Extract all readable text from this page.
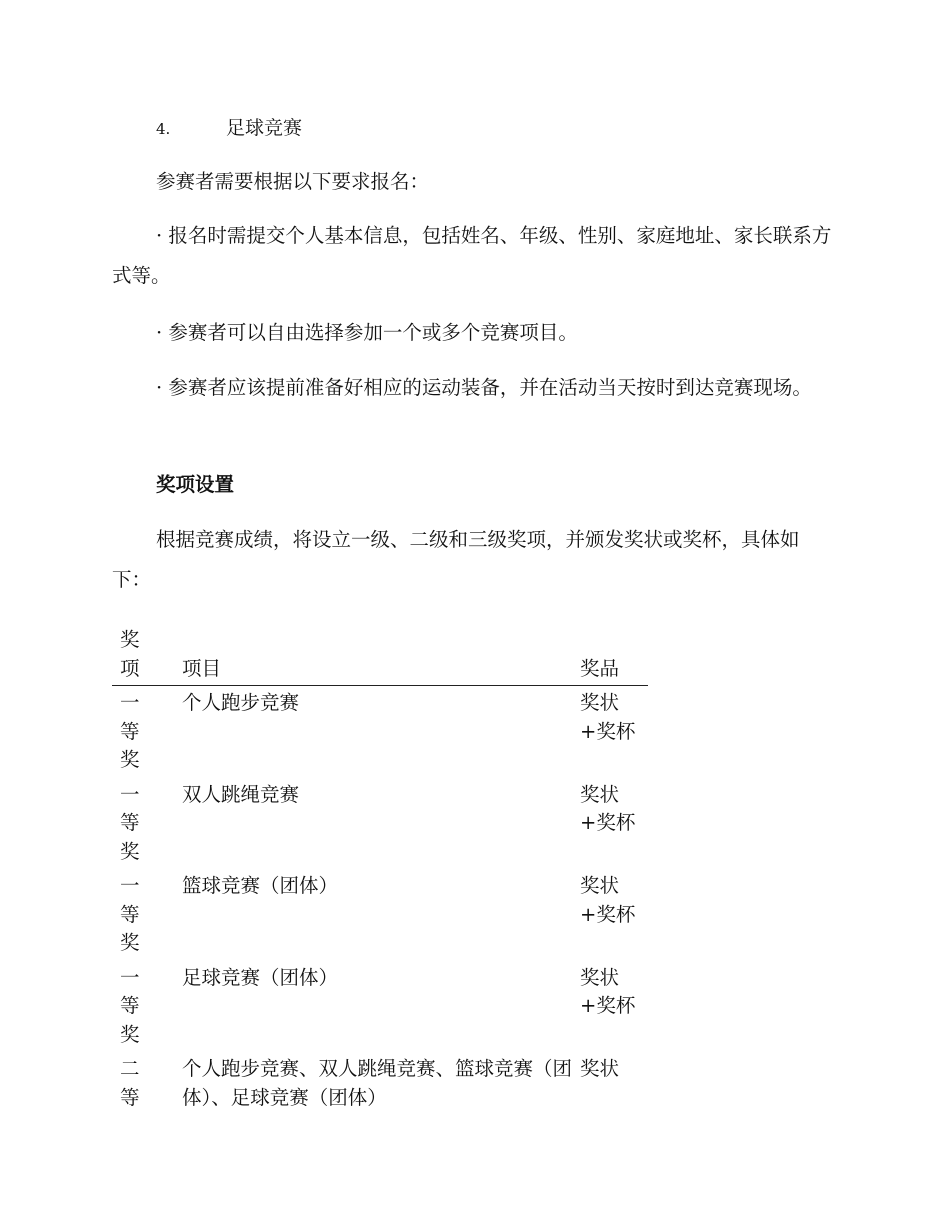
4.	足球竞赛

参赛者需要根据以下要求报名：

· 报名时需提交个人基本信息，包括姓名、年级、性别、家庭地址、家长联系方式等。

· 参赛者可以自由选择参加一个或多个竞赛项目。

· 参赛者应该提前准备好相应的运动装备，并在活动当天按时到达竞赛现场。

奖项设置

根据竞赛成绩，将设立一级、二级和三级奖项，并颁发奖状或奖杯，具体如下：

奖项	项目	奖品

一等奖	个人跑步竞赛	奖状+奖杯

一等奖	双人跳绳竞赛	奖状+奖杯

一等奖	篮球竞赛（团体）	奖状+奖杯

一等奖	足球竞赛（团体）	奖状+奖杯

二等	个人跑步竞赛、双人跳绳竞赛、篮球竞赛（团体）、足球竞赛（团体）	奖状
